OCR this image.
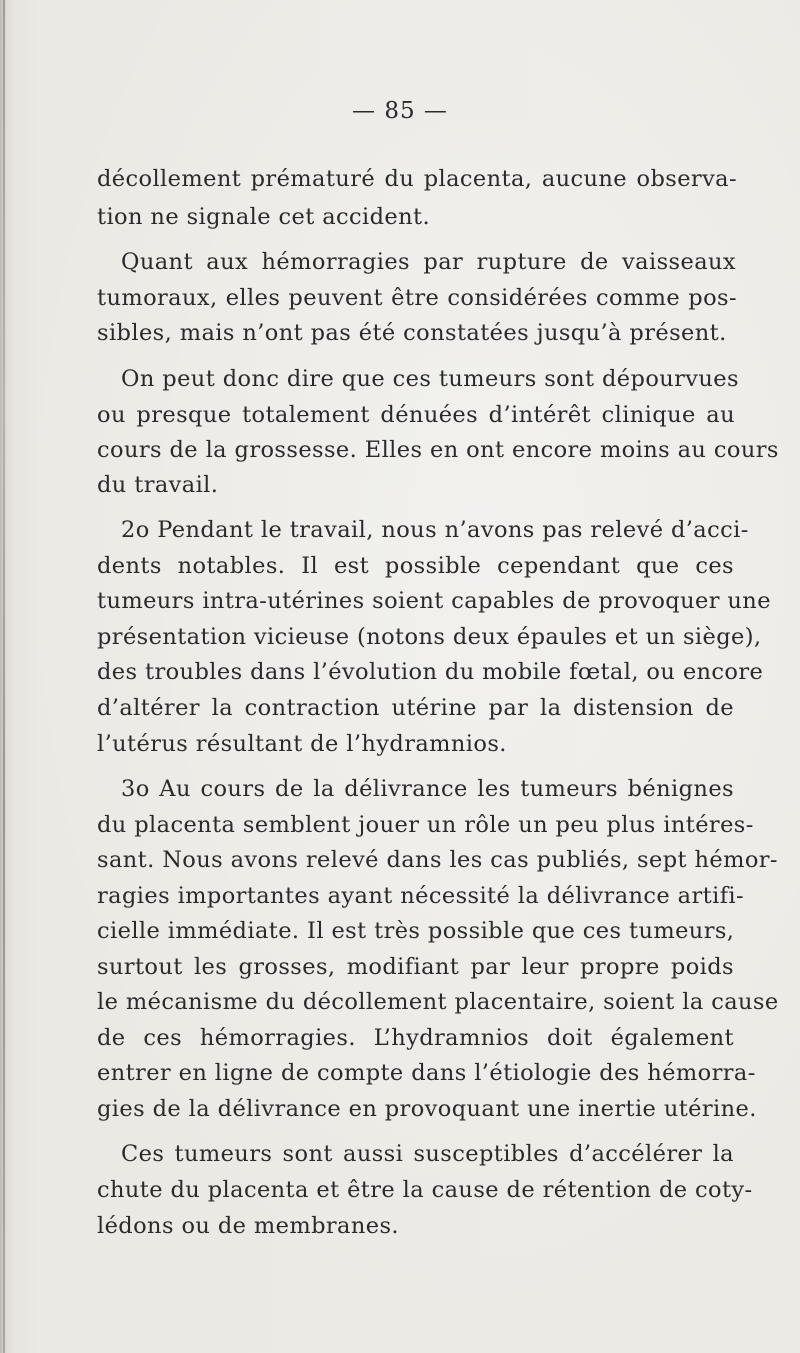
— 85 —
décollement prématuré du placenta, aucune observa-
tion ne signale cet accident.
Quant aux hémorragies par rupture de vaisseaux
tumoraux, elles peuvent être considérées comme pos-
sibles, mais n’ont pas été constatées jusqu’à présent.
On peut donc dire que ces tumeurs sont dépourvues
ou presque totalement dénuées d’intérêt clinique au
cours de la grossesse. Elles en ont encore moins au cours
du travail.
2o Pendant le travail, nous n’avons pas relevé d’acci-
dents notables. Il est possible cependant que ces
tumeurs intra-utérines soient capables de provoquer une
présentation vicieuse (notons deux épaules et un siège),
des troubles dans l’évolution du mobile fœtal, ou encore
d’altérer la contraction utérine par la distension de
l’utérus résultant de l’hydramnios.
3o Au cours de la délivrance les tumeurs bénignes
du placenta semblent jouer un rôle un peu plus intéres-
sant. Nous avons relevé dans les cas publiés, sept hémor-
ragies importantes ayant nécessité la délivrance artifi-
cielle immédiate. Il est très possible que ces tumeurs,
surtout les grosses, modifiant par leur propre poids
le mécanisme du décollement placentaire, soient la cause
de ces hémorragies. L’hydramnios doit également
entrer en ligne de compte dans l’étiologie des hémorra-
gies de la délivrance en provoquant une inertie utérine.
Ces tumeurs sont aussi susceptibles d’accélérer la
chute du placenta et être la cause de rétention de coty-
lédons ou de membranes.
